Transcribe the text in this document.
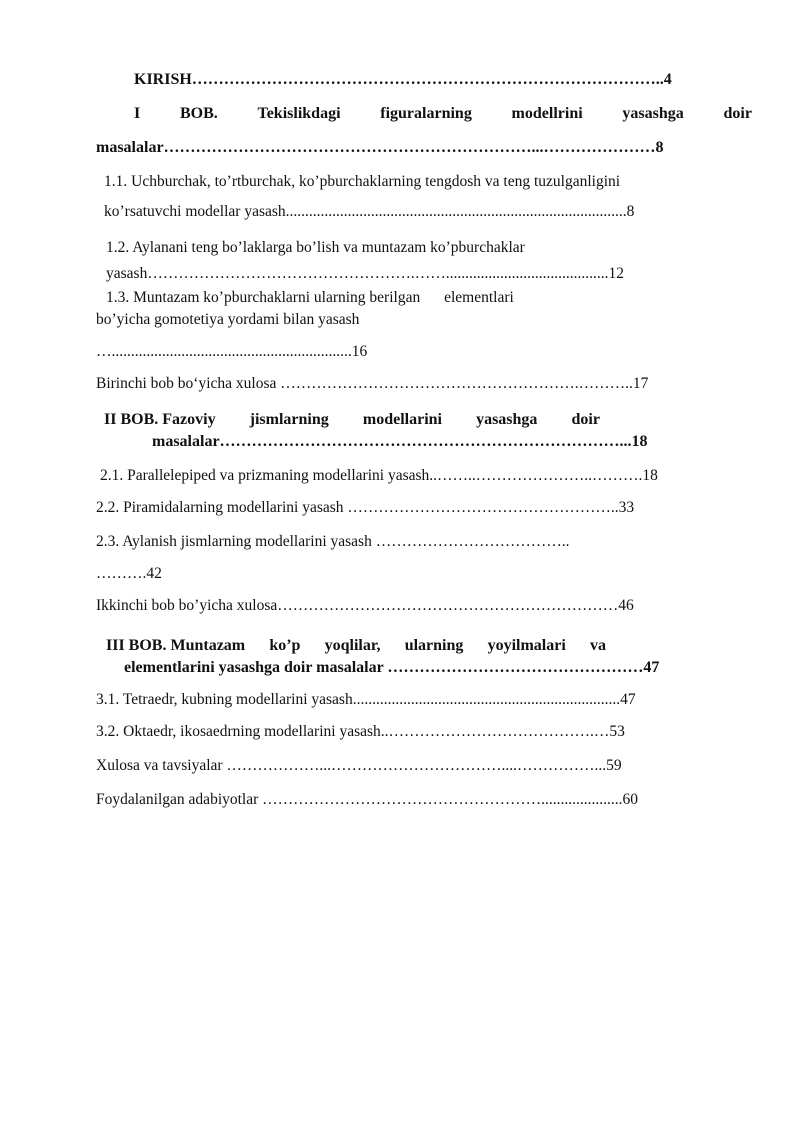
KIRISH……………………………………………………………………………..4
I BOB. Tekislikdagi figuralarning modellrini yasashga doir
masalalar……………………………………………………………...…………………8
1.1. Uchburchak, to’rtburchak, ko’pburchaklarning tengdosh va teng tuzulganligini
ko’rsatuvchi modellar yasash........................................................................................8
1.2. Aylanani teng bo’laklarga bo’lish va muntazam ko’pburchaklar
yasash…………………………………………….……..........................................12
1.3. Muntazam ko’pburchaklarni ularning berilgan elementlari
bo’yicha gomotetiya yordami bilan yasash
…..............................................................16
Birinchi bob bo‘yicha xulosa ………………………………………………….………..17
II BOB. Fazoviy jismlarning modellarini yasashga doir
masalalar…………………………………………………………………...18
2.1. Parallelepiped va prizmaning modellarini yasash..……..…………………..……….18
2.2. Piramidalarning modellarini yasash ……………………………………………..33
2.3. Aylanish jismlarning modellarini yasash ………………………………..
……….42
Ikkinchi bob bo’yicha xulosa…………………………………………………………46
III BOB. Muntazam ko’p yoqlilar, ularning yoyilmalari va
elementlarini yasashga doir masalalar …………………………………………47
3.1. Tetraedr, kubning modellarini yasash.....................................................................47
3.2. Oktaedr, ikosaedrning modellarini yasash..………………………………….…53
Xulosa va tavsiyalar ………………...……………………………....……………...59
Foydalanilgan adabiyotlar ……………………………………………….....................60
